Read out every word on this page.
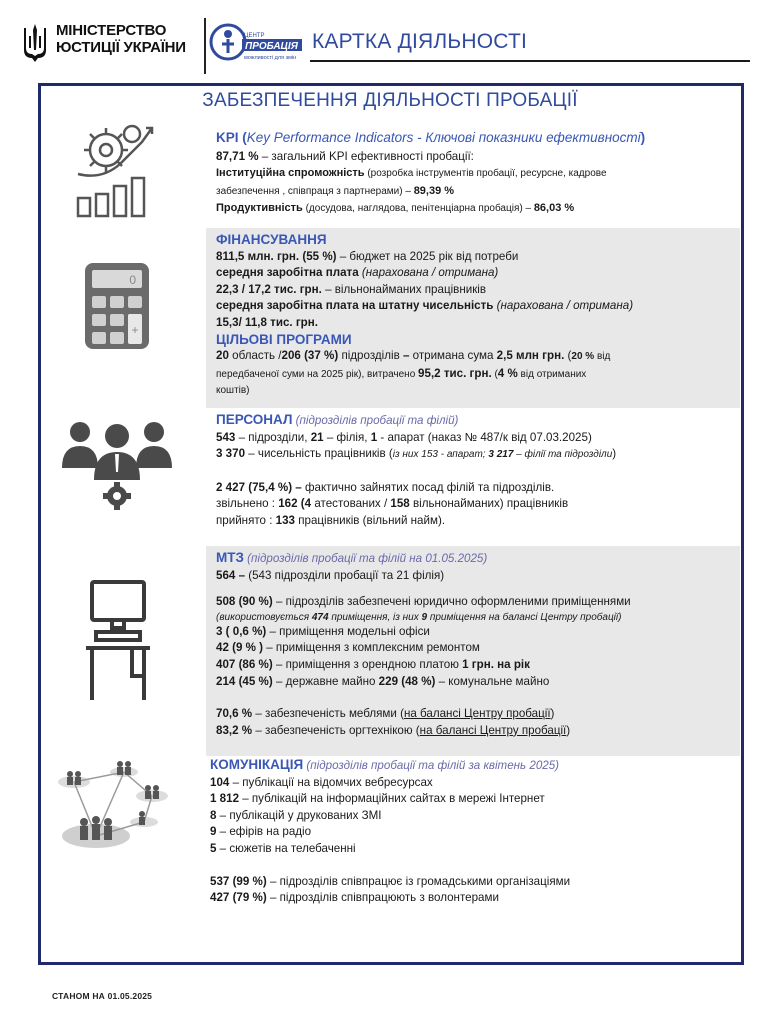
МІНІСТЕРСТВО
ЮСТИЦІЇ УКРАЇНИ
ЦЕНТР
ПРОБАЦІЯ
можливості для змін
КАРТКА ДІЯЛЬНОСТІ
ЗАБЕЗПЕЧЕННЯ ДІЯЛЬНОСТІ ПРОБАЦІЇ
0
+
KPI (Key Performance Indicators - Ключові показники ефективності)
87,71 % – загальний KPI ефективності пробації:
Інституційна спроможність (розробка інструментів пробації, ресурсне, кадрове
забезпечення , співпраця з партнерами) – 89,39 %
Продуктивність (досудова, наглядова, пенітенціарна пробація) – 86,03 %
ФІНАНСУВАННЯ
811,5 млн. грн. (55 %) – бюджет на 2025 рік від потреби
середня заробітна плата (нарахована / отримана)
22,3 / 17,2 тис. грн. – вільнонайманих працівників
середня заробітна плата на штатну чисельність (нарахована / отримана)
15,3/ 11,8 тис. грн.
ЦІЛЬОВІ ПРОГРАМИ
20 область /206 (37 %) підрозділів – отримана сума 2,5 млн грн. (20 % від
передбаченої суми на 2025 рік), витрачено 95,2 тис. грн. (4 % від отриманих
коштів)
ПЕРСОНАЛ (підрозділів пробації та філій)
543 – підрозділи, 21 – філія, 1 - апарат (наказ № 487/к від 07.03.2025)
3 370 – чисельність працівників (із них 153 - апарат; 3 217 – філії та підрозділи)
2 427 (75,4 %) – фактично зайнятих посад філій та підрозділів.
звільнено : 162 (4 атестованих / 158 вільнонайманих) працівників
прийнято : 133 працівників (вільний найм).
МТЗ (підрозділів пробації та філій на 01.05.2025)
564 – (543 підрозділи пробації та 21 філія)
508 (90 %) – підрозділів забезпечені юридично оформленими приміщеннями
(використовується 474 приміщення, із них 9 приміщення на балансі Центру пробації)
3 ( 0,6 %) – приміщення модельні офіси
42 (9 % ) – приміщення з комплексним ремонтом
407 (86 %) – приміщення з орендною платою 1 грн. на рік
214 (45 %) – державне майно 229 (48 %) – комунальне майно
70,6 % – забезпеченість меблями (на балансі Центру пробації)
83,2 % – забезпеченість оргтехнікою (на балансі Центру пробації)
КОМУНІКАЦІЯ (підрозділів пробації та філій за квітень 2025)
104 – публікації на відомчих вебресурсах
1 812 – публікацій на інформаційних сайтах в мережі Інтернет
8 – публікацій у друкованих ЗМІ
9 – ефірів на радіо
5 – сюжетів на телебаченні
537 (99 %) – підрозділів співпрацює із громадськими організаціями
427 (79 %) – підрозділів співпрацюють з волонтерами
СТАНОМ НА 01.05.2025
